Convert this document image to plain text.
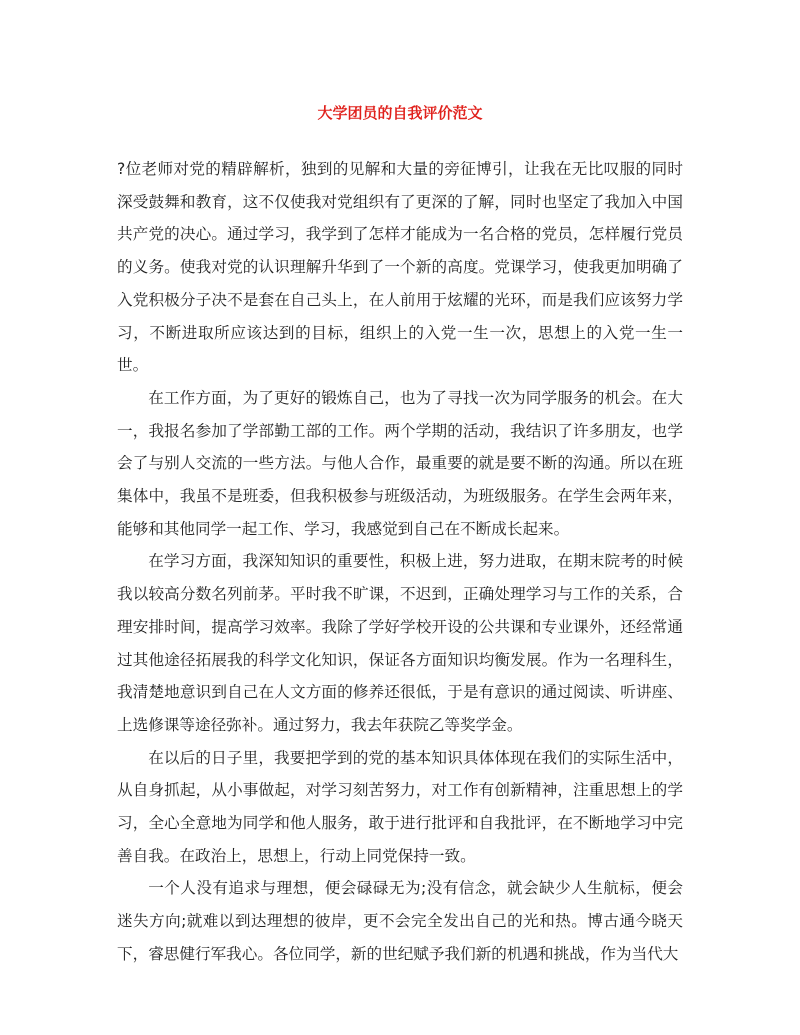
大学团员的自我评价范文

?位老师对党的精辟解析，独到的见解和大量的旁征博引，让我在无比叹服的同时深受鼓舞和教育，这不仅使我对党组织有了更深的了解，同时也坚定了我加入中国共产党的决心。通过学习，我学到了怎样才能成为一名合格的党员，怎样履行党员的义务。使我对党的认识理解升华到了一个新的高度。党课学习，使我更加明确了入党积极分子决不是套在自己头上，在人前用于炫耀的光环，而是我们应该努力学习，不断进取所应该达到的目标，组织上的入党一生一次，思想上的入党一生一世。

在工作方面，为了更好的锻炼自己，也为了寻找一次为同学服务的机会。在大一，我报名参加了学部勤工部的工作。两个学期的活动，我结识了许多朋友，也学会了与别人交流的一些方法。与他人合作，最重要的就是要不断的沟通。所以在班集体中，我虽不是班委，但我积极参与班级活动，为班级服务。在学生会两年来，能够和其他同学一起工作、学习，我感觉到自己在不断成长起来。

在学习方面，我深知知识的重要性，积极上进，努力进取，在期末院考的时候我以较高分数名列前茅。平时我不旷课，不迟到，正确处理学习与工作的关系，合理安排时间，提高学习效率。我除了学好学校开设的公共课和专业课外，还经常通过其他途径拓展我的科学文化知识，保证各方面知识均衡发展。作为一名理科生，我清楚地意识到自己在人文方面的修养还很低，于是有意识的通过阅读、听讲座、上选修课等途径弥补。通过努力，我去年获院乙等奖学金。

在以后的日子里，我要把学到的党的基本知识具体体现在我们的实际生活中，从自身抓起，从小事做起，对学习刻苦努力，对工作有创新精神，注重思想上的学习，全心全意地为同学和他人服务，敢于进行批评和自我批评，在不断地学习中完善自我。在政治上，思想上，行动上同党保持一致。

一个人没有追求与理想，便会碌碌无为;没有信念，就会缺少人生航标，便会迷失方向;就难以到达理想的彼岸，更不会完全发出自己的光和热。博古通今晓天下，睿思健行军我心。各位同学，新的世纪赋予我们新的机遇和挑战，作为当代大
